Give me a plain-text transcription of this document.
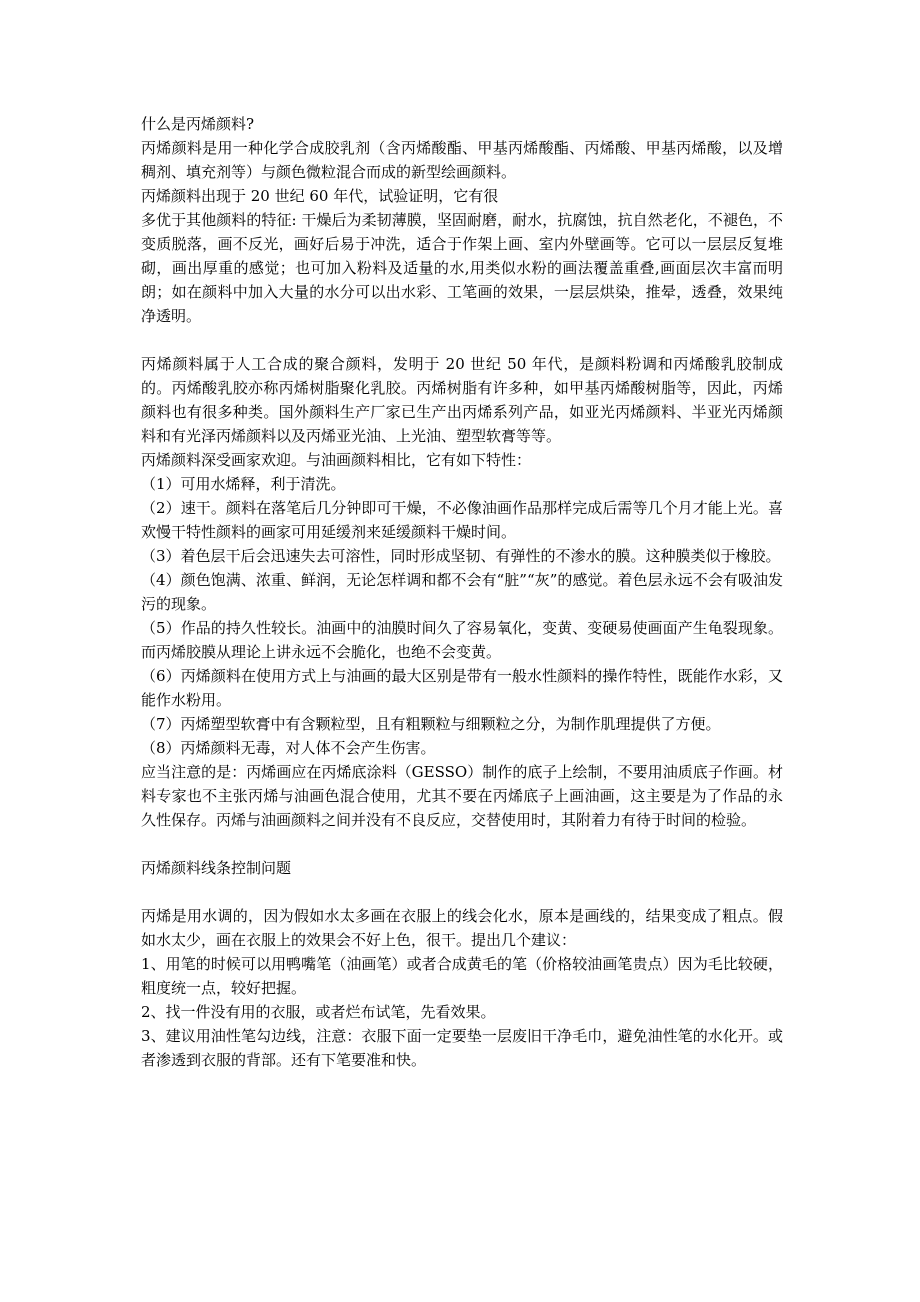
什么是丙烯颜料?

丙烯颜料是用一种化学合成胶乳剂（含丙烯酸酯、甲基丙烯酸酯、丙烯酸、甲基丙烯酸，以及增稠剂、填充剂等）与颜色微粒混合而成的新型绘画颜料。

丙烯颜料出现于 20 世纪 60 年代，试验证明，它有很

多优于其他颜料的特征: 干燥后为柔韧薄膜，坚固耐磨，耐水，抗腐蚀，抗自然老化，不褪色，不变质脱落，画不反光，画好后易于冲洗，适合于作架上画、室内外壁画等。它可以一层层反复堆砌，画出厚重的感觉；也可加入粉料及适量的水,用类似水粉的画法覆盖重叠,画面层次丰富而明朗；如在颜料中加入大量的水分可以出水彩、工笔画的效果，一层层烘染，推晕，透叠，效果纯净透明。

丙烯颜料属于人工合成的聚合颜料，发明于 20 世纪 50 年代，是颜料粉调和丙烯酸乳胶制成的。丙烯酸乳胶亦称丙烯树脂聚化乳胶。丙烯树脂有许多种，如甲基丙烯酸树脂等，因此，丙烯颜料也有很多种类。国外颜料生产厂家已生产出丙烯系列产品，如亚光丙烯颜料、半亚光丙烯颜料和有光泽丙烯颜料以及丙烯亚光油、上光油、塑型软膏等等。

丙烯颜料深受画家欢迎。与油画颜料相比，它有如下特性：

（1）可用水烯释，利于清洗。

（2）速干。颜料在落笔后几分钟即可干燥，不必像油画作品那样完成后需等几个月才能上光。喜欢慢干特性颜料的画家可用延缓剂来延缓颜料干燥时间。

（3）着色层干后会迅速失去可溶性，同时形成坚韧、有弹性的不渗水的膜。这种膜类似于橡胶。

（4）颜色饱满、浓重、鲜润，无论怎样调和都不会有“脏”“灰”的感觉。着色层永远不会有吸油发污的现象。

（5）作品的持久性较长。油画中的油膜时间久了容易氧化，变黄、变硬易使画面产生龟裂现象。而丙烯胶膜从理论上讲永远不会脆化，也绝不会变黄。

（6）丙烯颜料在使用方式上与油画的最大区别是带有一般水性颜料的操作特性，既能作水彩，又能作水粉用。

（7）丙烯塑型软膏中有含颗粒型，且有粗颗粒与细颗粒之分，为制作肌理提供了方便。

（8）丙烯颜料无毒，对人体不会产生伤害。

应当注意的是：丙烯画应在丙烯底涂料（GESSO）制作的底子上绘制，不要用油质底子作画。材料专家也不主张丙烯与油画色混合使用，尤其不要在丙烯底子上画油画，这主要是为了作品的永久性保存。丙烯与油画颜料之间并没有不良反应，交替使用时，其附着力有待于时间的检验。

丙烯颜料线条控制问题

丙烯是用水调的，因为假如水太多画在衣服上的线会化水，原本是画线的，结果变成了粗点。假如水太少，画在衣服上的效果会不好上色，很干。提出几个建议：

1、用笔的时候可以用鸭嘴笔（油画笔）或者合成黄毛的笔（价格较油画笔贵点）因为毛比较硬，粗度统一点，较好把握。

2、找一件没有用的衣服，或者烂布试笔，先看效果。

3、建议用油性笔勾边线，注意：衣服下面一定要垫一层废旧干净毛巾，避免油性笔的水化开。或者渗透到衣服的背部。还有下笔要准和快。
